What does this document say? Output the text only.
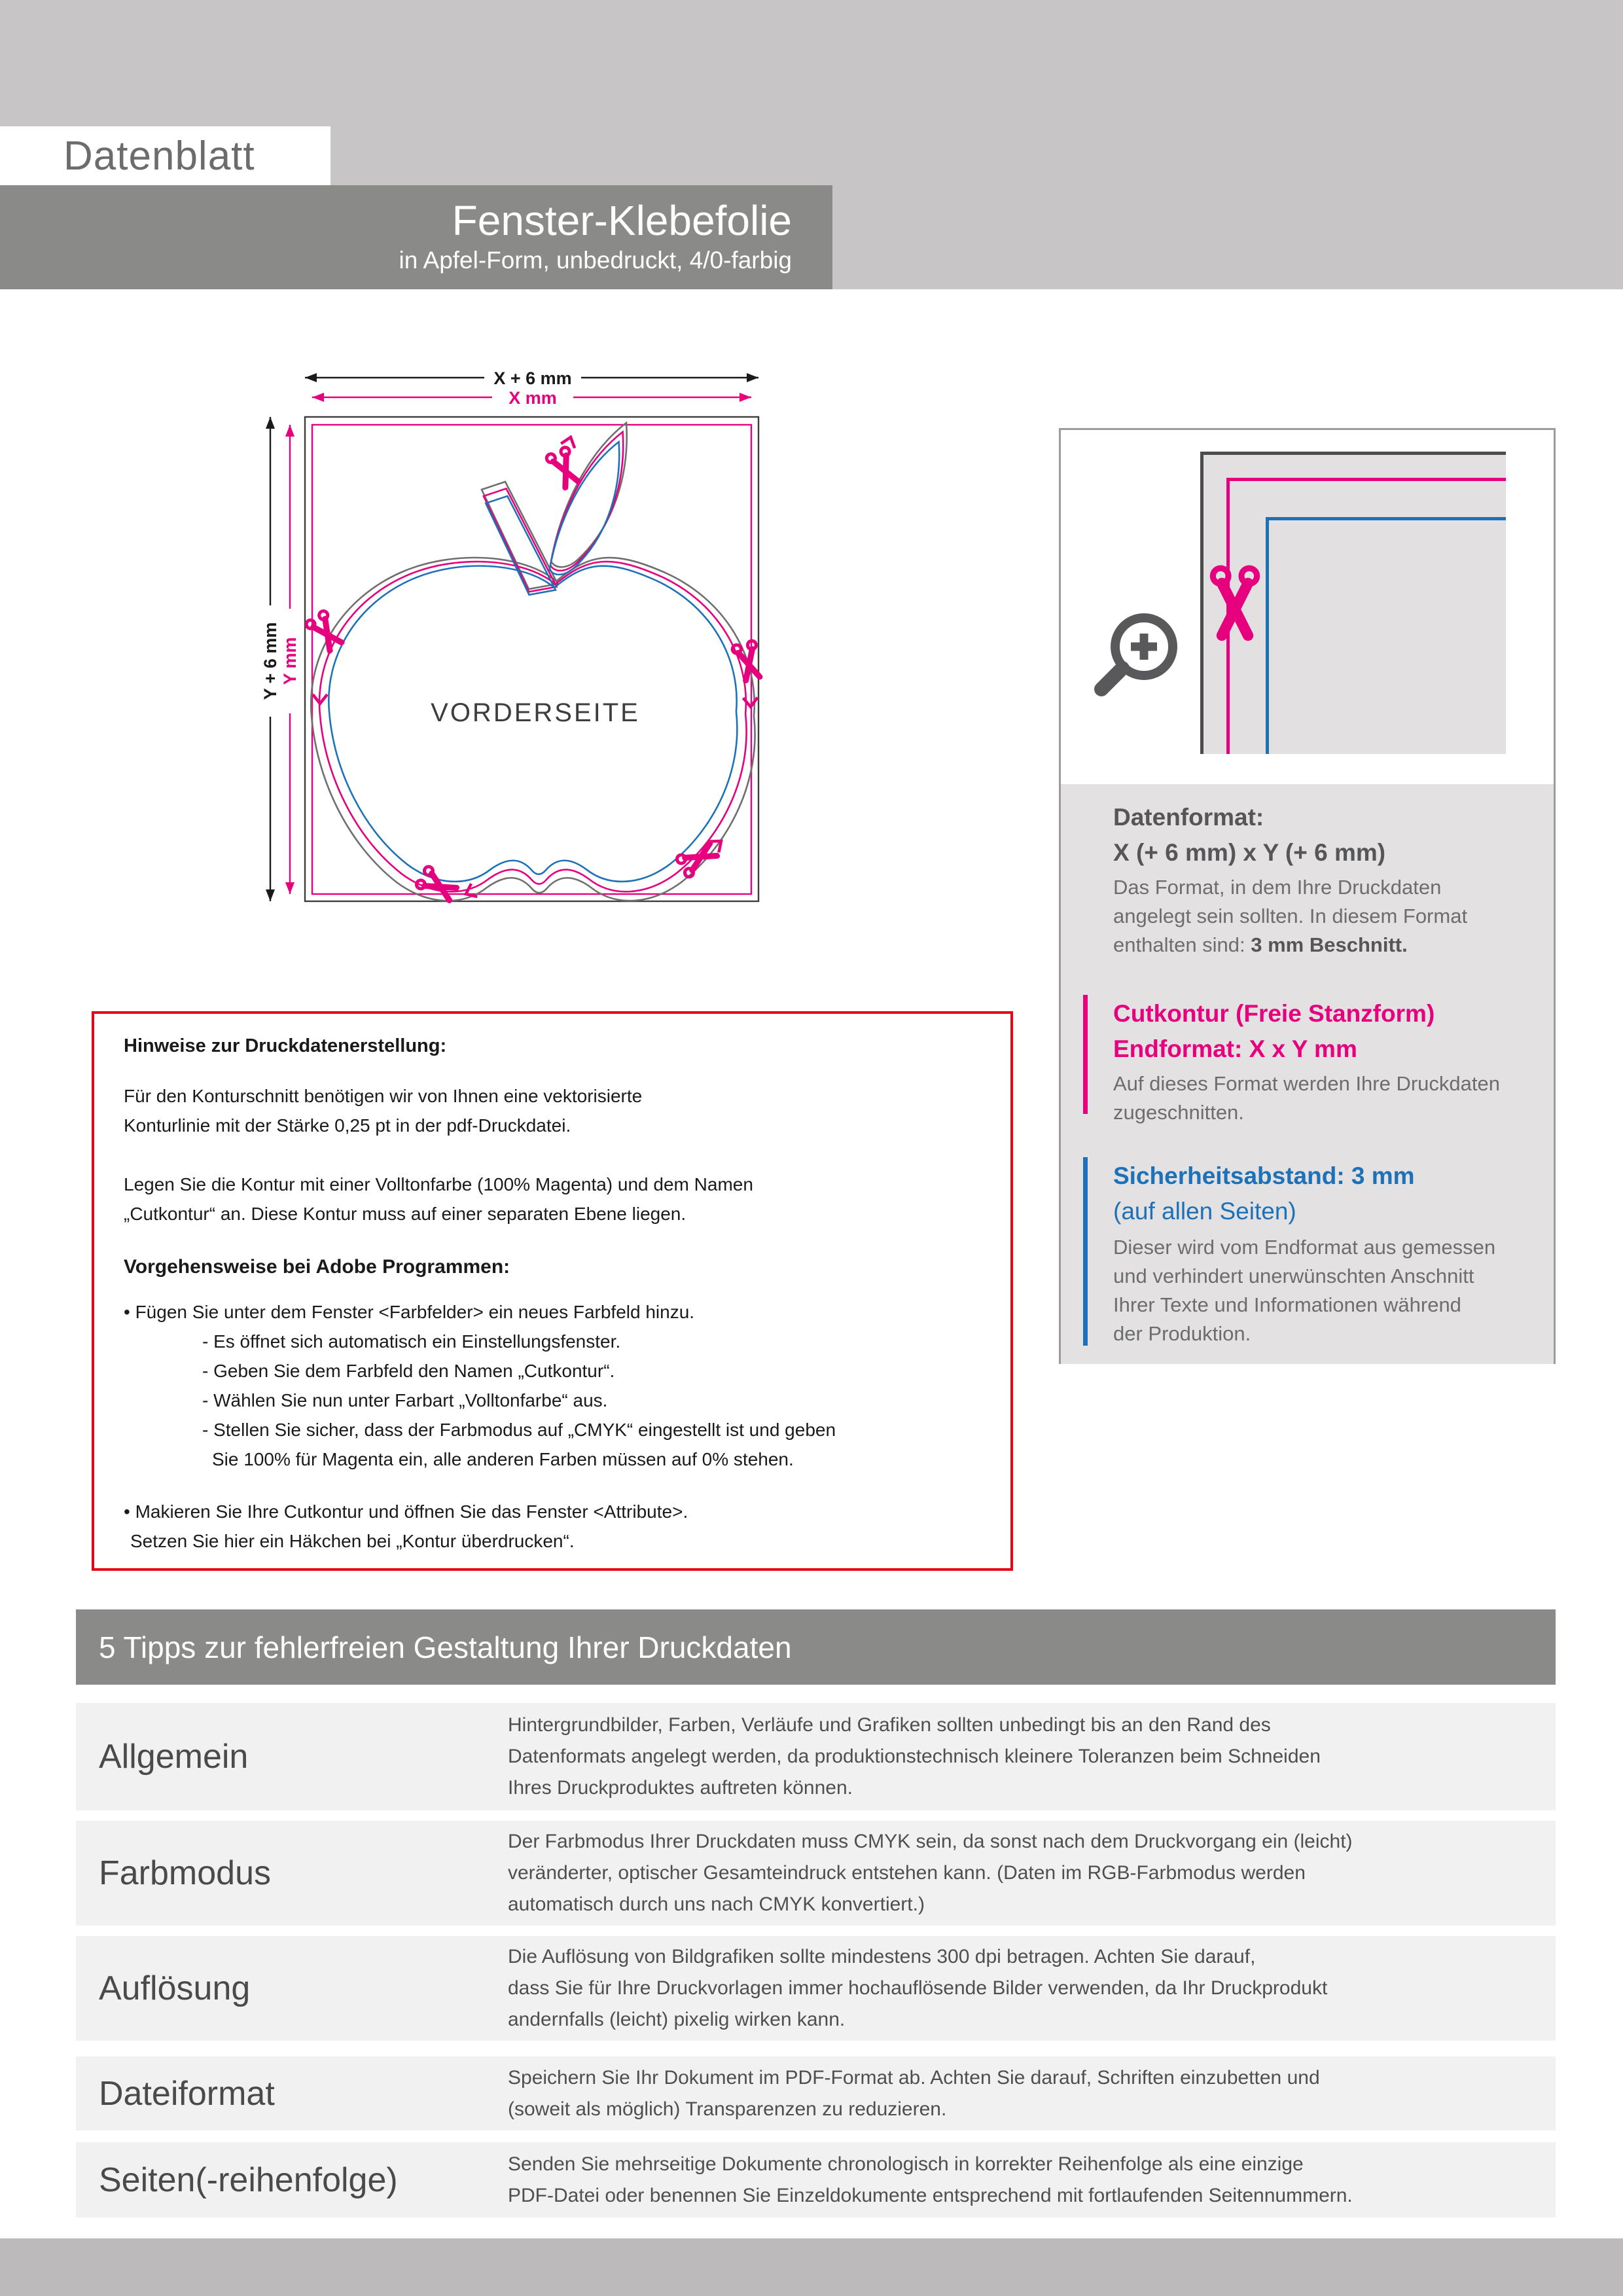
Datenblatt
Fenster-Klebefolie
in Apfel-Form, unbedruckt, 4/0-farbig
X + 6 mm
X mm
Y + 6 mm Y mm
VORDERSEITE
Datenformat:
X (+ 6 mm) x Y (+ 6 mm)
Das Format, in dem Ihre Druckdaten
angelegt sein sollten. In diesem Format
enthalten sind: 3 mm Beschnitt.
Cutkontur (Freie Stanzform)
Endformat: X x Y mm
Auf dieses Format werden Ihre Druckdaten
zugeschnitten.
Sicherheitsabstand: 3 mm
(auf allen Seiten)
Dieser wird vom Endformat aus gemessen
und verhindert unerwünschten Anschnitt
Ihrer Texte und Informationen während
der Produktion.
Hinweise zur Druckdatenerstellung:
Für den Konturschnitt benötigen wir von Ihnen eine vektorisierte
Konturlinie mit der Stärke 0,25 pt in der pdf-Druckdatei.
Legen Sie die Kontur mit einer Volltonfarbe (100% Magenta) und dem Namen
„Cutkontur“ an. Diese Kontur muss auf einer separaten Ebene liegen.
Vorgehensweise bei Adobe Programmen:
• Fügen Sie unter dem Fenster <Farbfelder> ein neues Farbfeld hinzu.
- Es öffnet sich automatisch ein Einstellungsfenster.
- Geben Sie dem Farbfeld den Namen „Cutkontur“.
- Wählen Sie nun unter Farbart „Volltonfarbe“ aus.
- Stellen Sie sicher, dass der Farbmodus auf „CMYK“ eingestellt ist und geben
Sie 100% für Magenta ein, alle anderen Farben müssen auf 0% stehen.
• Makieren Sie Ihre Cutkontur und öffnen Sie das Fenster <Attribute>.
Setzen Sie hier ein Häkchen bei „Kontur überdrucken“.
5 Tipps zur fehlerfreien Gestaltung Ihrer Druckdaten
Allgemein
Hintergrundbilder, Farben, Verläufe und Grafiken sollten unbedingt bis an den Rand des
Datenformats angelegt werden, da produktionstechnisch kleinere Toleranzen beim Schneiden
Ihres Druckproduktes auftreten können.
Farbmodus
Der Farbmodus Ihrer Druckdaten muss CMYK sein, da sonst nach dem Druckvorgang ein (leicht)
veränderter, optischer Gesamteindruck entstehen kann. (Daten im RGB-Farbmodus werden
automatisch durch uns nach CMYK konvertiert.)
Auflösung
Die Auflösung von Bildgrafiken sollte mindestens 300 dpi betragen. Achten Sie darauf,
dass Sie für Ihre Druckvorlagen immer hochauflösende Bilder verwenden, da Ihr Druckprodukt
andernfalls (leicht) pixelig wirken kann.
Dateiformat	Speichern Sie Ihr Dokument im PDF-Format ab. Achten Sie darauf, Schriften einzubetten und
(soweit als möglich) Transparenzen zu reduzieren.
Seiten(-reihenfolge)	Senden Sie mehrseitige Dokumente chronologisch in korrekter Reihenfolge als eine einzige
PDF-Datei oder benennen Sie Einzeldokumente entsprechend mit fortlaufenden Seitennummern.
